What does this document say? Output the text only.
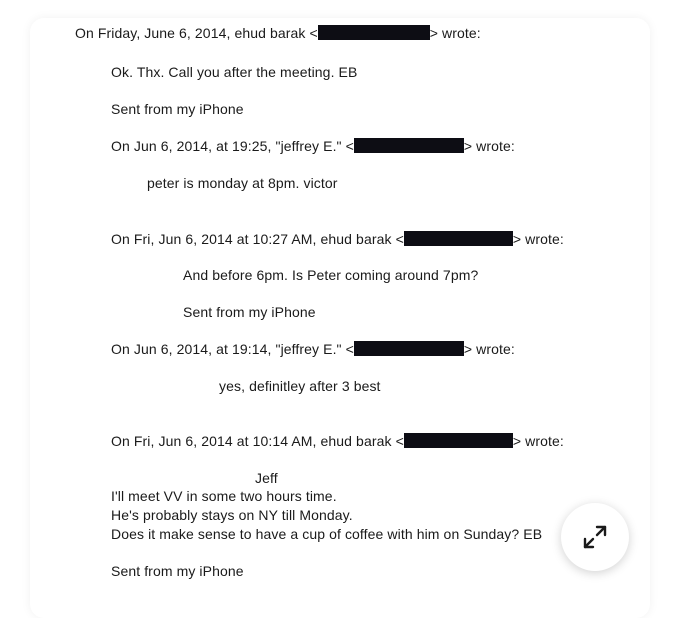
On Friday, June 6, 2014, ehud barak <	> wrote:
Ok. Thx. Call you after the meeting. EB
Sent from my iPhone
On Jun 6, 2014, at 19:25, "jeffrey E." <	> wrote:
peter is monday at 8pm. victor
On Fri, Jun 6, 2014 at 10:27 AM, ehud barak <	> wrote:
And before 6pm. Is Peter coming around 7pm?
Sent from my iPhone
On Jun 6, 2014, at 19:14, "jeffrey E." <	> wrote:
yes, definitley after 3 best
On Fri, Jun 6, 2014 at 10:14 AM, ehud barak <	> wrote:
Jeff
I'll meet VV in some two hours time.
He's probably stays on NY till Monday.
Does it make sense to have a cup of coffee with him on Sunday? EB
Sent from my iPhone
